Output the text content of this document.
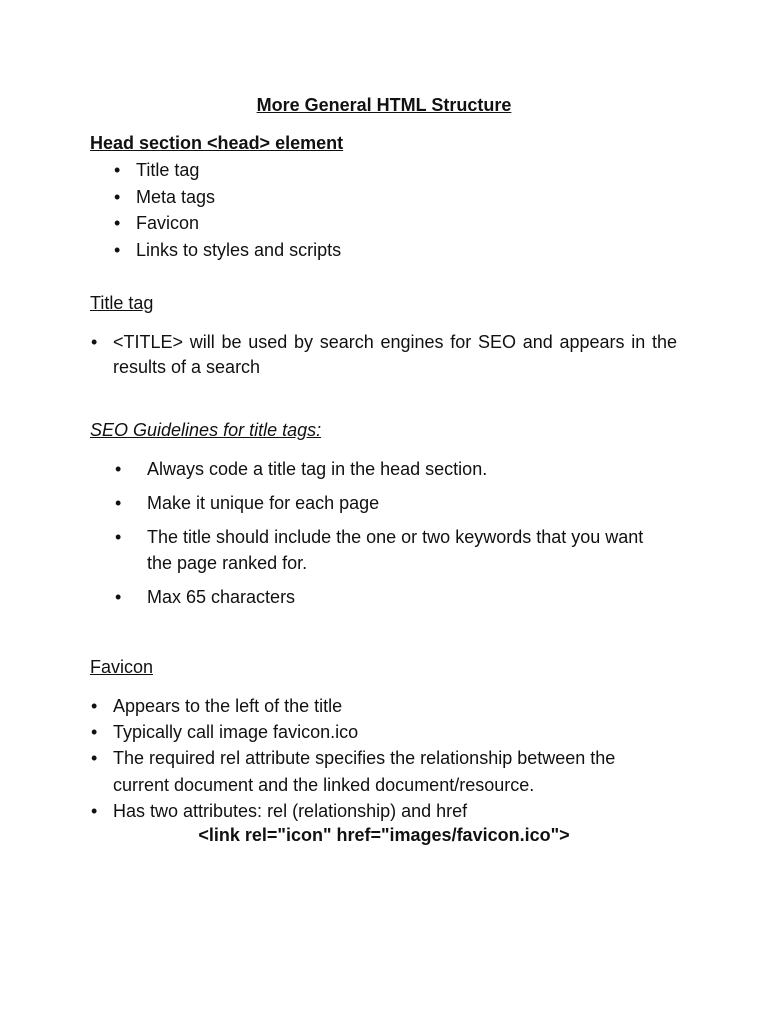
More General HTML Structure

Head section <head> element

• Title tag
• Meta tags
• Favicon
• Links to styles and scripts

Title tag

• <TITLE> will be used by search engines for SEO and appears in the results of a search

SEO Guidelines for title tags:

• Always code a title tag in the head section.
• Make it unique for each page
• The title should include the one or two keywords that you want the page ranked for.
• Max 65 characters

Favicon

• Appears to the left of the title
• Typically call image favicon.ico
• The required rel attribute specifies the relationship between the current document and the linked document/resource.
• Has two attributes: rel (relationship) and href
<link rel="icon" href="images/favicon.ico">
